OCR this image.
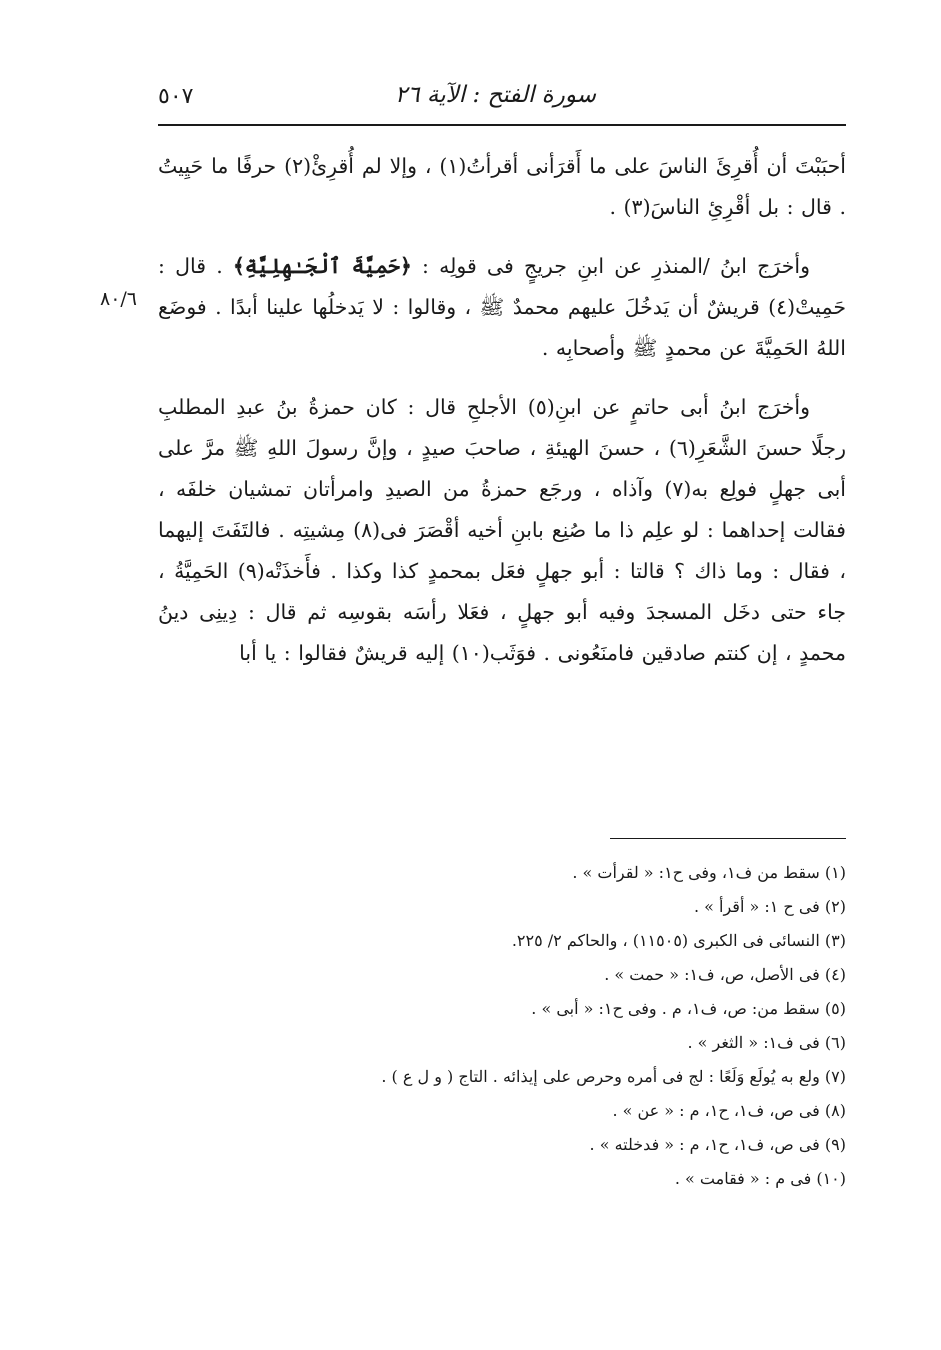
سورة الفتح : الآية ٢٦
٥٠٧
٨٠/٦

أحبَبْتَ أن أُقرِئَ الناسَ على ما أَقرَأنى أقرأتُ(١) ، وإلا لم أُقرِئْ(٢) حرفًا ما حَيِيتُ . قال : بل أقْرِئِ الناسَ(٣) .

وأخرَج ابنُ /المنذرِ عن ابنِ جريجٍ فى قولِه : ﴿حَمِيَّةَ ٱلْجَـٰهِلِيَّةِ﴾ . قال : حَمِيتْ(٤) قريشٌ أن يَدخُلَ عليهم محمدٌ ﷺ ، وقالوا : لا يَدخلُها علينا أبدًا . فوضَع اللهُ الحَمِيَّةَ عن محمدٍ ﷺ وأصحابِه .

وأخرَج ابنُ أبى حاتمٍ عن ابنِ(٥) الأجلحِ قال : كان حمزةُ بنُ عبدِ المطلبِ رجلًا حسنَ الشَّعَرِ(٦) ، حسنَ الهيئةِ ، صاحبَ صيدٍ ، وإنَّ رسولَ اللهِ ﷺ مرَّ على أبى جهلٍ فولِع به(٧) وآذاه ، ورجَع حمزةُ من الصيدِ وامرأتان تمشيان خلفَه ، فقالت إحداهما : لو علِم ذا ما صُنِع بابنِ أخيه أقْصَرَ فى(٨) مِشيتِه . فالتَفَتَ إليهما ، فقال : وما ذاك ؟ قالتا : أبو جهلٍ فعَل بمحمدٍ كذا وكذا . فأَخذَتْه(٩) الحَمِيَّةُ ، جاء حتى دخَل المسجدَ وفيه أبو جهلٍ ، فعَلا رأسَه بقوسِه ثم قال : دِينِى دينُ محمدٍ ، إن كنتم صادقين فامنَعُونى . فوَثَب(١٠) إليه قريشٌ فقالوا : يا أبا

(١) سقط من ف١، وفى ح١: « لقرأت » .
(٢) فى ح ١: « أقرأ » .
(٣) النسائى فى الكبرى (١١٥٠٥) ، والحاكم ٢/ ٢٢٥.
(٤) فى الأصل، ص، ف١: « حمت » .
(٥) سقط من: ص، ف١، م . وفى ح١: « أبى » .
(٦) فى ف١: « الثغر » .
(٧) ولع به يُولَع وَلَعًا : لج فى أمره وحرص على إيذائه . التاج ( و ل ع ) .
(٨) فى ص، ف١، ح١، م : « عن » .
(٩) فى ص، ف١، ح١، م : « فدخلته » .
(١٠) فى م : « فقامت » .
